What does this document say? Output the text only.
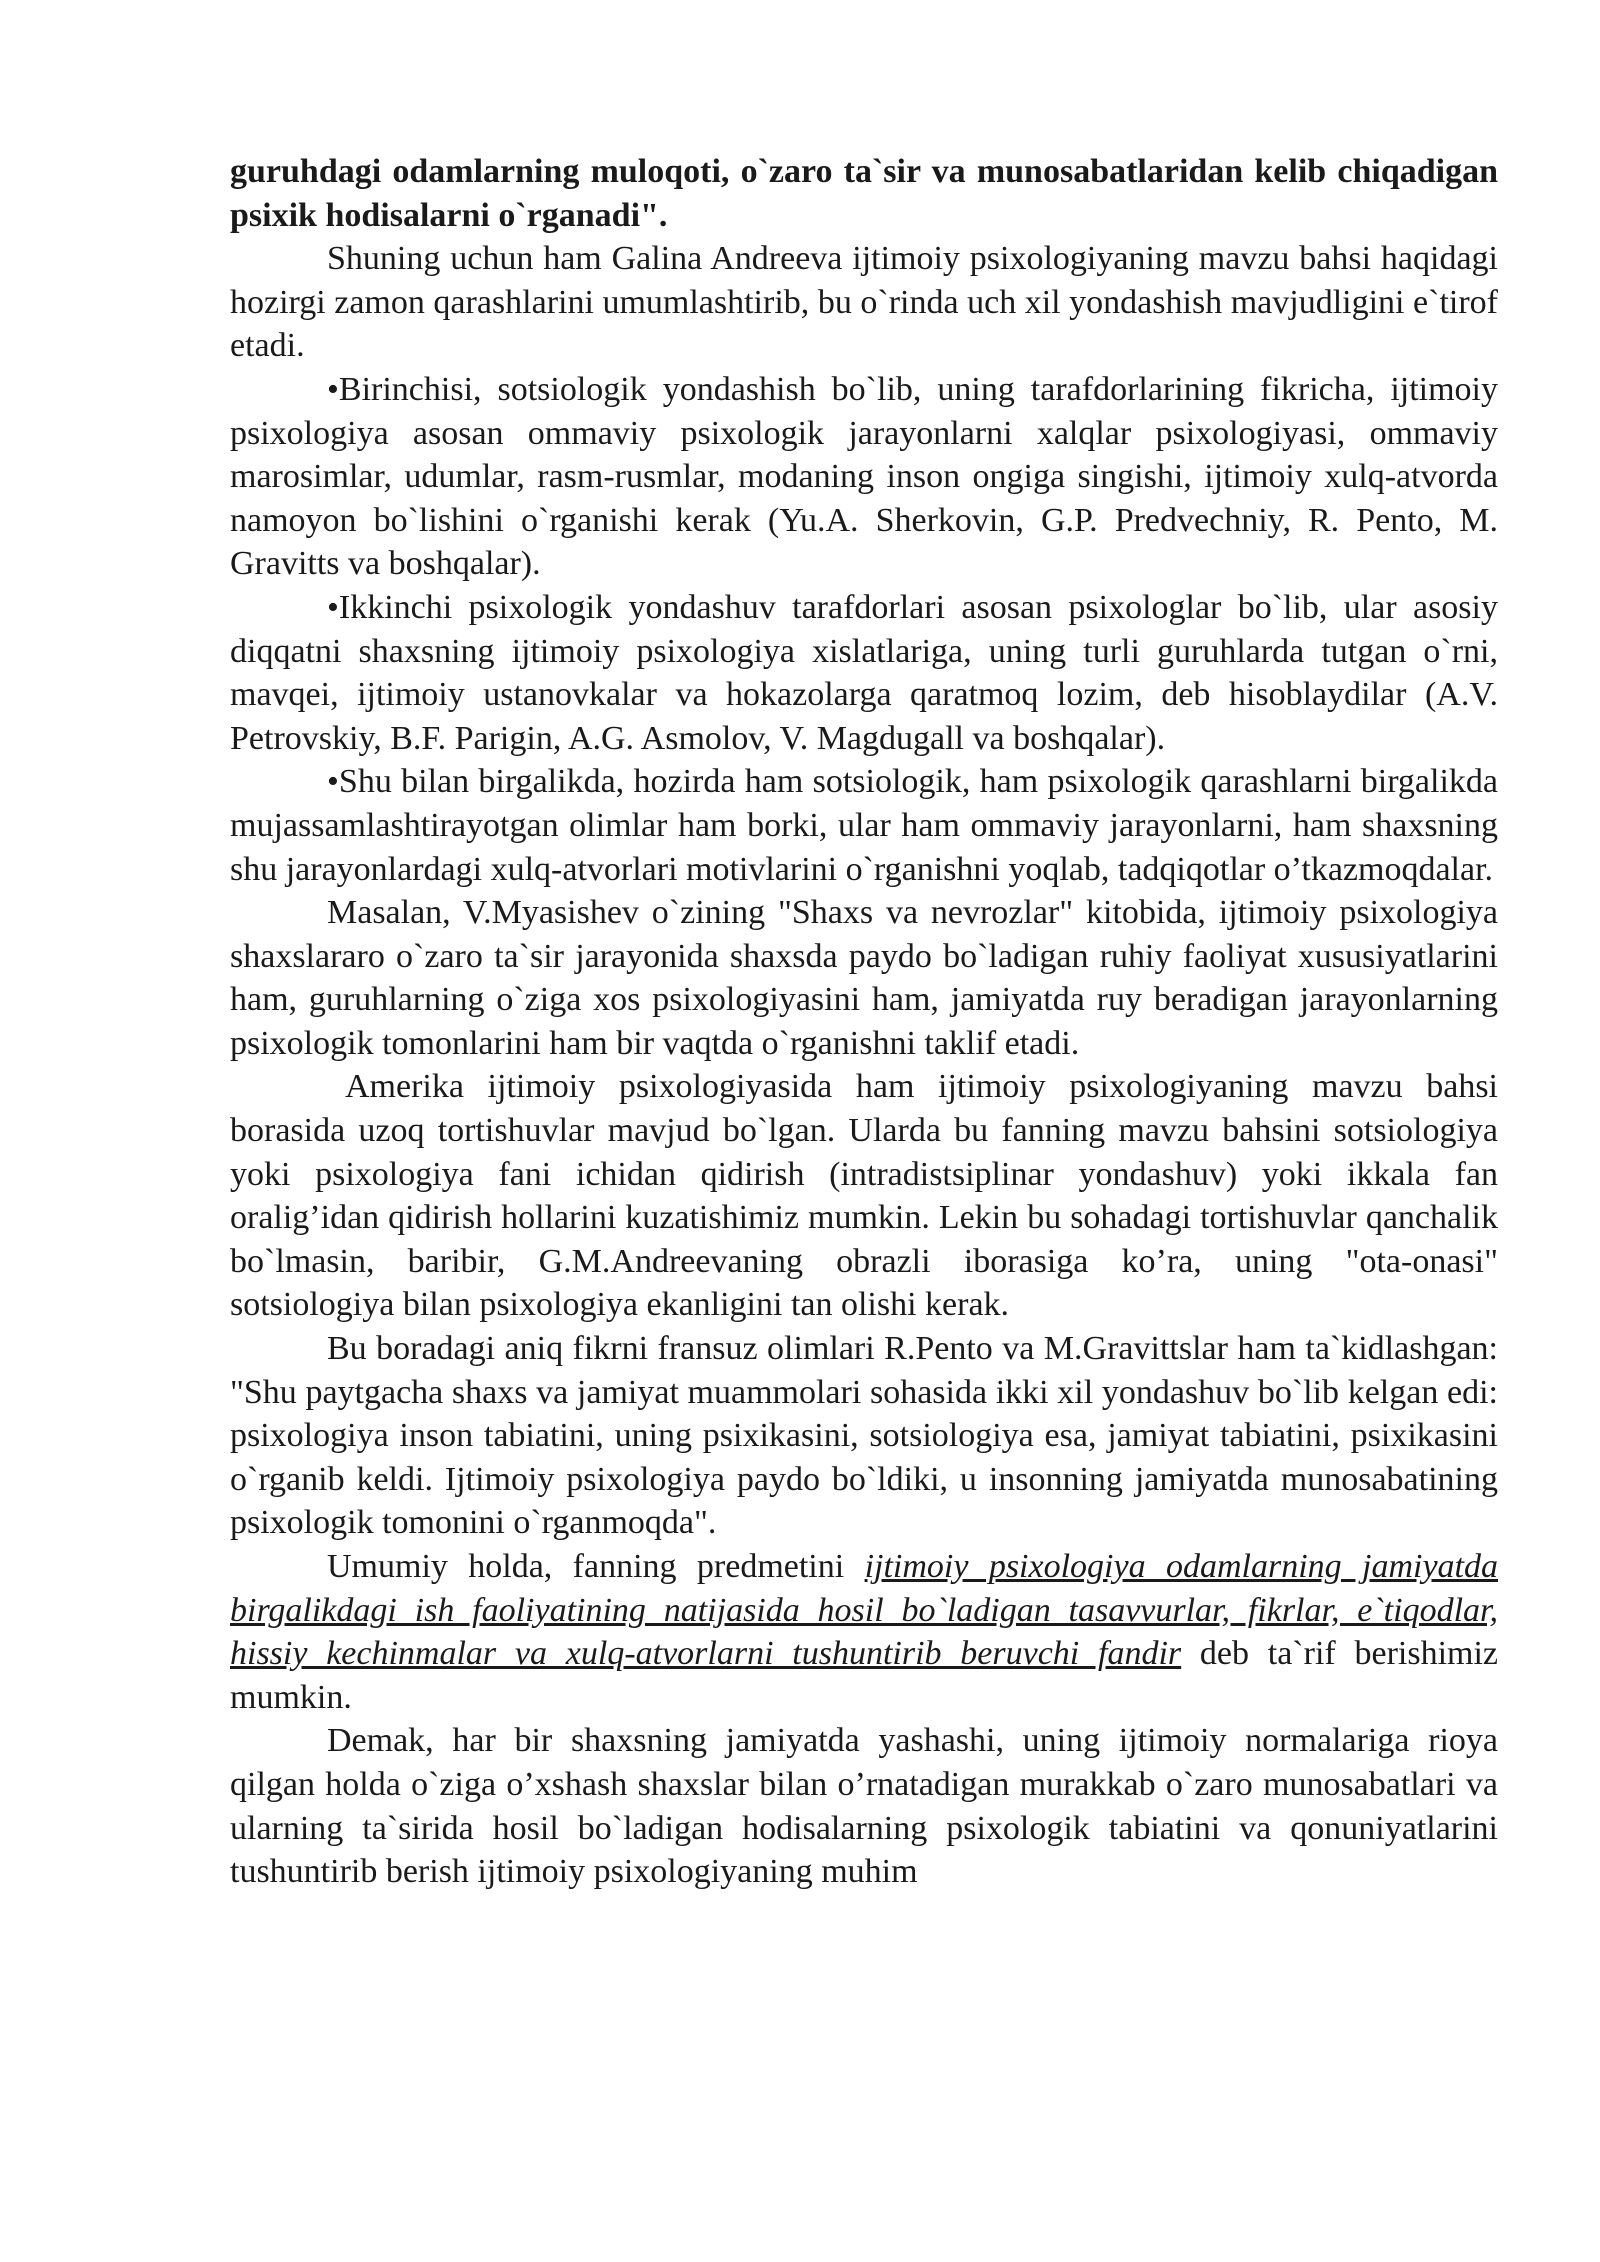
guruhdagi odamlarning muloqoti, o`zaro ta`sir va munosabatlaridan kelib chiqadigan psixik hodisalarni o`rganadi".

Shuning uchun ham Galina Andreeva ijtimoiy psixologiyaning mavzu bahsi haqidagi hozirgi zamon qarashlarini umumlashtirib, bu o`rinda uch xil yondashish mavjudligini e`tirof etadi.

•Birinchisi, sotsiologik yondashish bo`lib, uning tarafdorlarining fikricha, ijtimoiy psixologiya asosan ommaviy psixologik jarayonlarni xalqlar psixologiyasi, ommaviy marosimlar, udumlar, rasm-rusmlar, modaning inson ongiga singishi, ijtimoiy xulq-atvorda namoyon bo`lishini o`rganishi kerak (Yu.A. Sherkovin, G.P. Predvechniy, R. Pento, M. Gravitts va boshqalar).

•Ikkinchi psixologik yondashuv tarafdorlari asosan psixologlar bo`lib, ular asosiy diqqatni shaxsning ijtimoiy psixologiya xislatlariga, uning turli guruhlarda tutgan o`rni, mavqei, ijtimoiy ustanovkalar va hokazolarga qaratmoq lozim, deb hisoblaydilar (A.V. Petrovskiy, B.F. Parigin, A.G. Asmolov, V. Magdugall va boshqalar).

•Shu bilan birgalikda, hozirda ham sotsiologik, ham psixologik qarashlarni birgalikda mujassamlashtirayotgan olimlar ham borki, ular ham ommaviy jarayonlarni, ham shaxsning shu jarayonlardagi xulq-atvorlari motivlarini o`rganishni yoqlab, tadqiqotlar o’tkazmoqdalar.

Masalan, V.Myasishev o`zining "Shaxs va nevrozlar" kitobida, ijtimoiy psixologiya shaxslararo o`zaro ta`sir jarayonida shaxsda paydo bo`ladigan ruhiy faoliyat xususiyatlarini ham, guruhlarning o`ziga xos psixologiyasini ham, jamiyatda ruy beradigan jarayonlarning psixologik tomonlarini ham bir vaqtda o`rganishni taklif etadi.

Amerika ijtimoiy psixologiyasida ham ijtimoiy psixologiyaning mavzu bahsi borasida uzoq tortishuvlar mavjud bo`lgan. Ularda bu fanning mavzu bahsini sotsiologiya yoki psixologiya fani ichidan qidirish (intradistsiplinar yondashuv) yoki ikkala fan oralig’idan qidirish hollarini kuzatishimiz mumkin. Lekin bu sohadagi tortishuvlar qanchalik bo`lmasin, baribir, G.M.Andreevaning obrazli iborasiga ko’ra, uning "ota-onasi" sotsiologiya bilan psixologiya ekanligini tan olishi kerak.

Bu boradagi aniq fikrni fransuz olimlari R.Pento va M.Gravittslar ham ta`kidlashgan: "Shu paytgacha shaxs va jamiyat muammolari sohasida ikki xil yondashuv bo`lib kelgan edi: psixologiya inson tabiatini, uning psixikasini, sotsiologiya esa, jamiyat tabiatini, psixikasini o`rganib keldi. Ijtimoiy psixologiya paydo bo`ldiki, u insonning jamiyatda munosabatining psixologik tomonini o`rganmoqda".

Umumiy holda, fanning predmetini ijtimoiy psixologiya odamlarning jamiyatda birgalikdagi ish faoliyatining natijasida hosil bo`ladigan tasavvurlar, fikrlar, e`tiqodlar, hissiy kechinmalar va xulq-atvorlarni tushuntirib beruvchi fandir deb ta`rif berishimiz mumkin.

Demak, har bir shaxsning jamiyatda yashashi, uning ijtimoiy normalariga rioya qilgan holda o`ziga o’xshash shaxslar bilan o’rnatadigan murakkab o`zaro munosabatlari va ularning ta`sirida hosil bo`ladigan hodisalarning psixologik tabiatini va qonuniyatlarini tushuntirib berish ijtimoiy psixologiyaning muhim
